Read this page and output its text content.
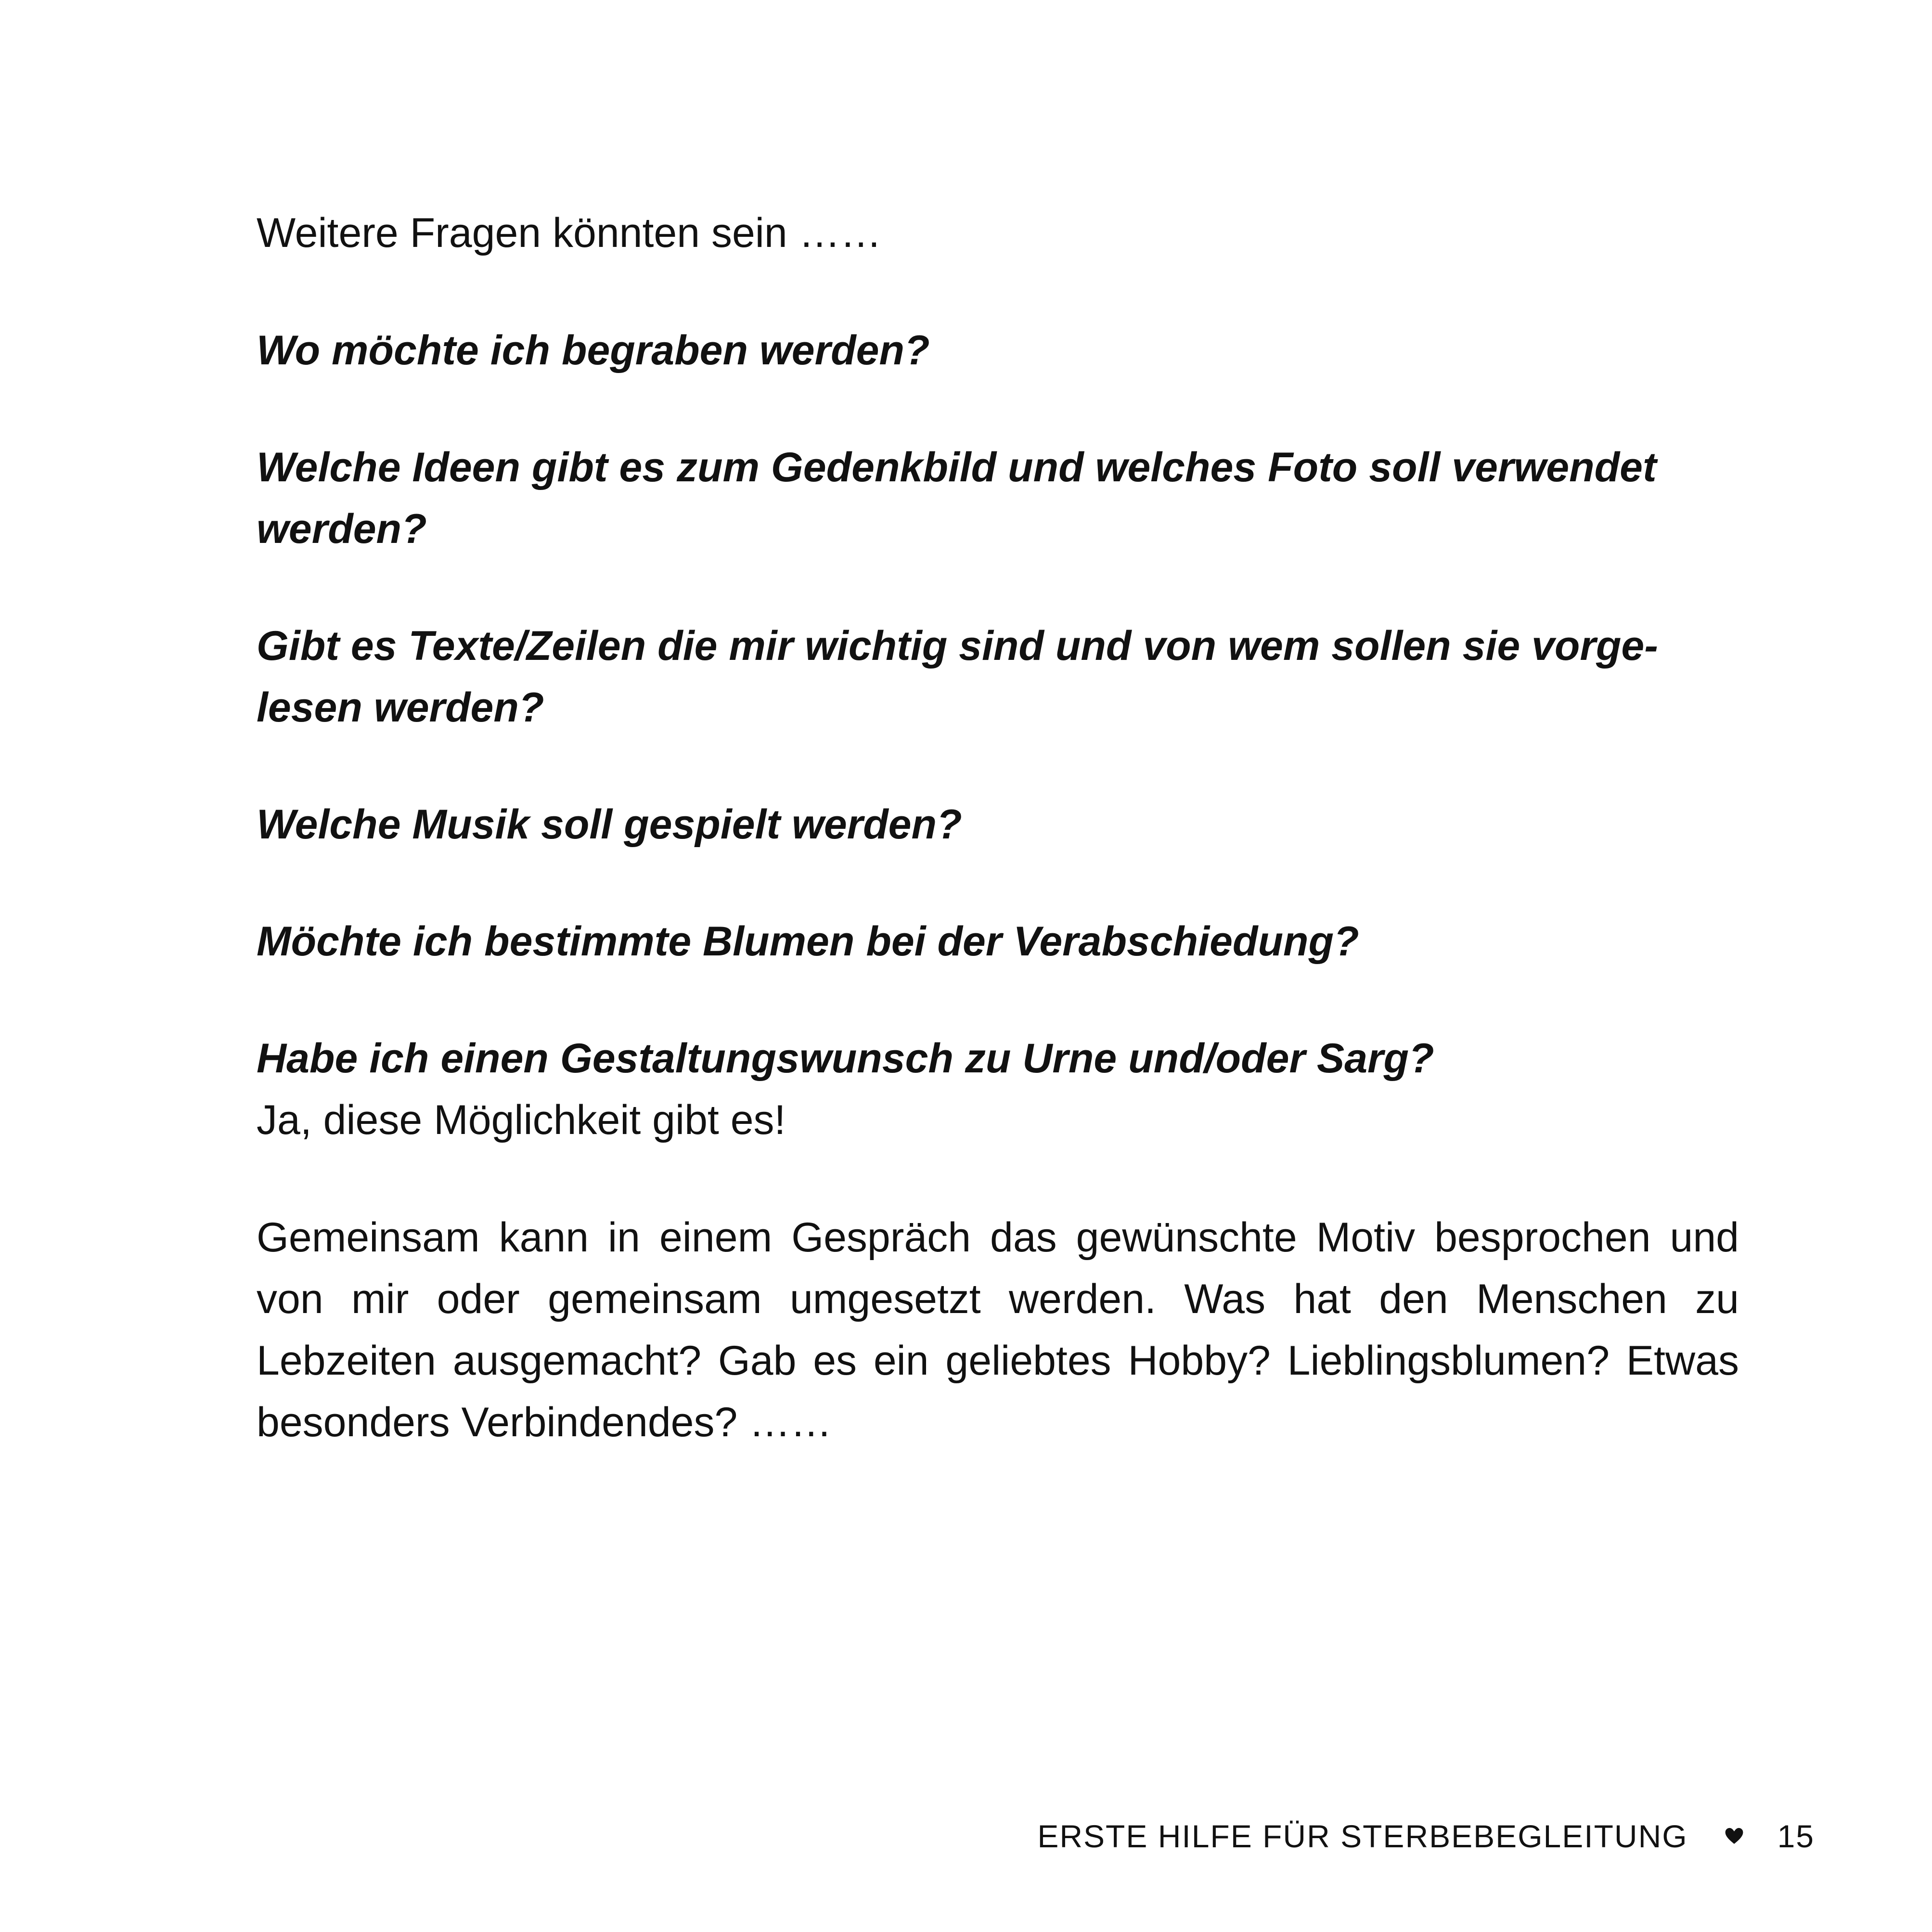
Weitere Fragen könnten sein ……

Wo möchte ich begraben werden?

Welche Ideen gibt es zum Gedenkbild und welches Foto soll verwendet werden?

Gibt es Texte/Zeilen die mir wichtig sind und von wem sollen sie vorge-lesen werden?

Welche Musik soll gespielt werden?

Möchte ich bestimmte Blumen bei der Verabschiedung?

Habe ich einen Gestaltungswunsch zu Urne und/oder Sarg?

Ja, diese Möglichkeit gibt es!

Gemeinsam kann in einem Gespräch das gewünschte Motiv besprochen und von mir oder gemeinsam umgesetzt werden. Was hat den Menschen zu Lebzeiten ausgemacht? Gab es ein geliebtes Hobby? Lieblingsblumen? Etwas besonders Verbindendes? ……

ERSTE HILFE FÜR STERBEBEGLEITUNG	15
